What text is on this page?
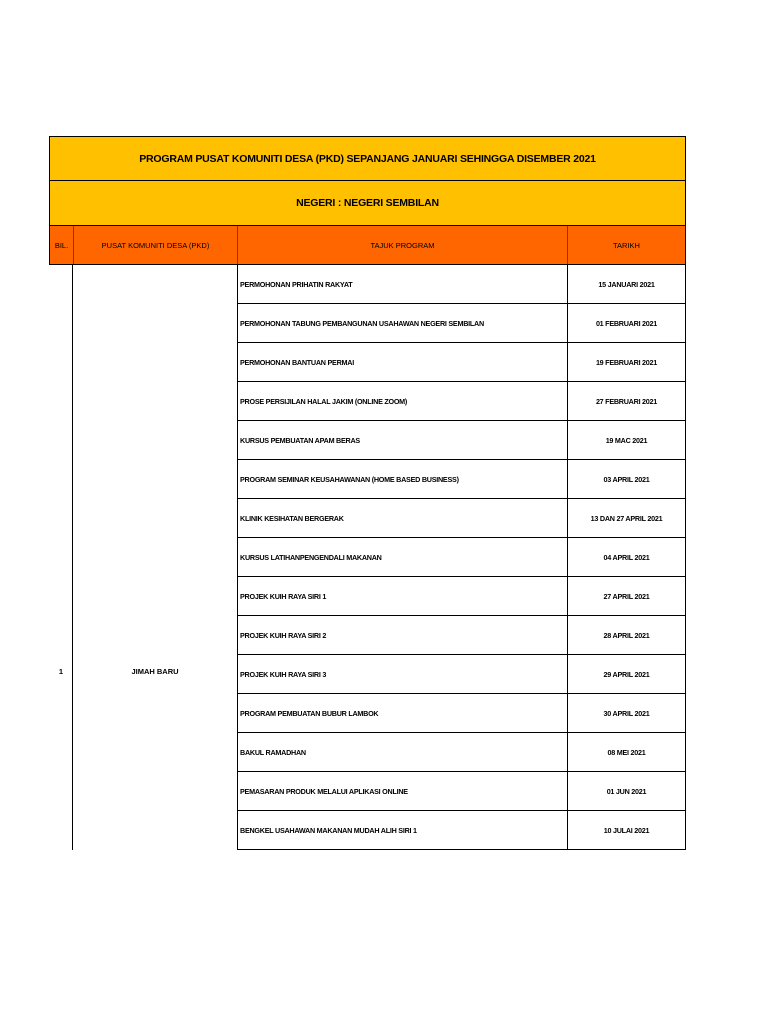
PROGRAM PUSAT KOMUNITI DESA (PKD) SEPANJANG JANUARI SEHINGGA DISEMBER 2021
NEGERI : NEGERI SEMBILAN
BIL.	PUSAT KOMUNITI DESA (PKD)	TAJUK PROGRAM	TARIKH
1	JIMAH BARU
PERMOHONAN PRIHATIN RAKYAT	15 JANUARI 2021
PERMOHONAN TABUNG PEMBANGUNAN USAHAWAN NEGERI SEMBILAN	01 FEBRUARI 2021
PERMOHONAN BANTUAN PERMAI	19 FEBRUARI 2021
PROSE PERSIJILAN HALAL JAKIM (ONLINE ZOOM)	27 FEBRUARI 2021
KURSUS PEMBUATAN APAM BERAS	19 MAC 2021
PROGRAM SEMINAR KEUSAHAWANAN (HOME BASED BUSINESS)	03 APRIL 2021
KLINIK KESIHATAN BERGERAK	13 DAN 27 APRIL 2021
KURSUS LATIHANPENGENDALI MAKANAN	04 APRIL 2021
PROJEK KUIH RAYA SIRI 1	27 APRIL 2021
PROJEK KUIH RAYA SIRI 2	28 APRIL 2021
PROJEK KUIH RAYA SIRI 3	29 APRIL 2021
PROGRAM PEMBUATAN BUBUR LAMBOK	30 APRIL 2021
BAKUL RAMADHAN	08 MEI 2021
PEMASARAN PRODUK MELALUI APLIKASI ONLINE	01 JUN 2021
BENGKEL USAHAWAN MAKANAN MUDAH ALIH SIRI 1	10 JULAI 2021
